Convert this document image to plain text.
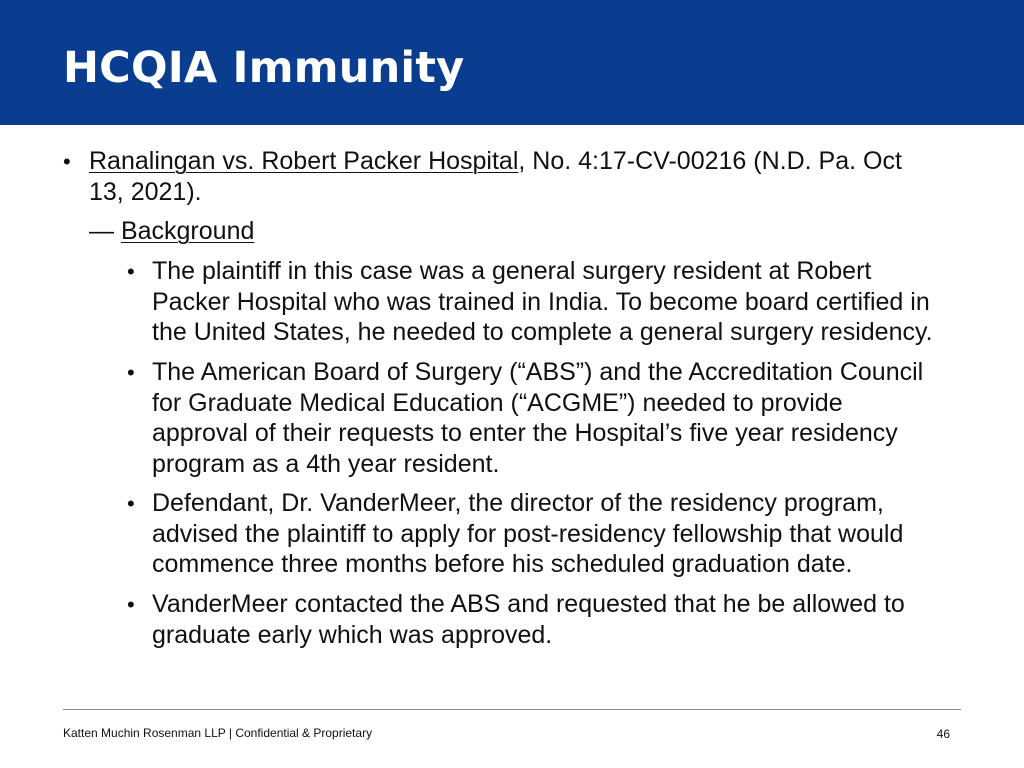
HCQIA Immunity
• Ranalingan vs. Robert Packer Hospital, No. 4:17-CV-00216 (N.D. Pa. Oct
13, 2021).
— Background
• The plaintiff in this case was a general surgery resident at Robert
Packer Hospital who was trained in India. To become board certified in
the United States, he needed to complete a general surgery residency.
• The American Board of Surgery (“ABS”) and the Accreditation Council
for Graduate Medical Education (“ACGME”) needed to provide
approval of their requests to enter the Hospital’s five year residency
program as a 4th year resident.
• Defendant, Dr. VanderMeer, the director of the residency program,
advised the plaintiff to apply for post-residency fellowship that would
commence three months before his scheduled graduation date.
• VanderMeer contacted the ABS and requested that he be allowed to
graduate early which was approved.
Katten Muchin Rosenman LLP | Confidential & Proprietary	46
